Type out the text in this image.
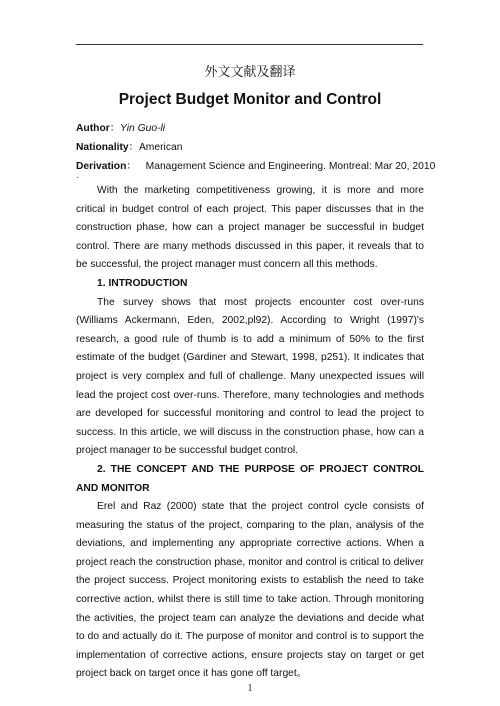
外文文献及翻译
Project Budget Monitor and Control
Author：Yin Guo-li
Nationality：American
Derivation： Management Science and Engineering. Montreal: Mar 20, 2010
.

With the marketing competitiveness growing, it is more and more critical in budget control of each project. This paper discusses that in the construction phase, how can a project manager be successful in budget control. There are many methods discussed in this paper, it reveals that to be successful, the project manager must concern all this methods.

1. INTRODUCTION

The survey shows that most projects encounter cost over-runs (Williams Ackermann, Eden, 2002,pl92). According to Wright (1997)'s research, a good rule of thumb is to add a minimum of 50% to the first estimate of the budget (Gardiner and Stewart, 1998, p251). It indicates that project is very complex and full of challenge. Many unexpected issues will lead the project cost over-runs. Therefore, many technologies and methods are developed for successful monitoring and control to lead the project to success. In this article, we will discuss in the construction phase, how can a project manager to be successful budget control.

2. THE CONCEPT AND THE PURPOSE OF PROJECT CONTROL AND MONITOR

Erel and Raz (2000) state that the project control cycle consists of measuring the status of the project, comparing to the plan, analysis of the deviations, and implementing any appropriate corrective actions. When a project reach the construction phase, monitor and control is critical to deliver the project success. Project monitoring exists to establish the need to take corrective action, whilst there is still time to take action. Through monitoring the activities, the project team can analyze the deviations and decide what to do and actually do it. The purpose of monitor and control is to support the implementation of corrective actions, ensure projects stay on target or get project back on target once it has gone off target。

1
